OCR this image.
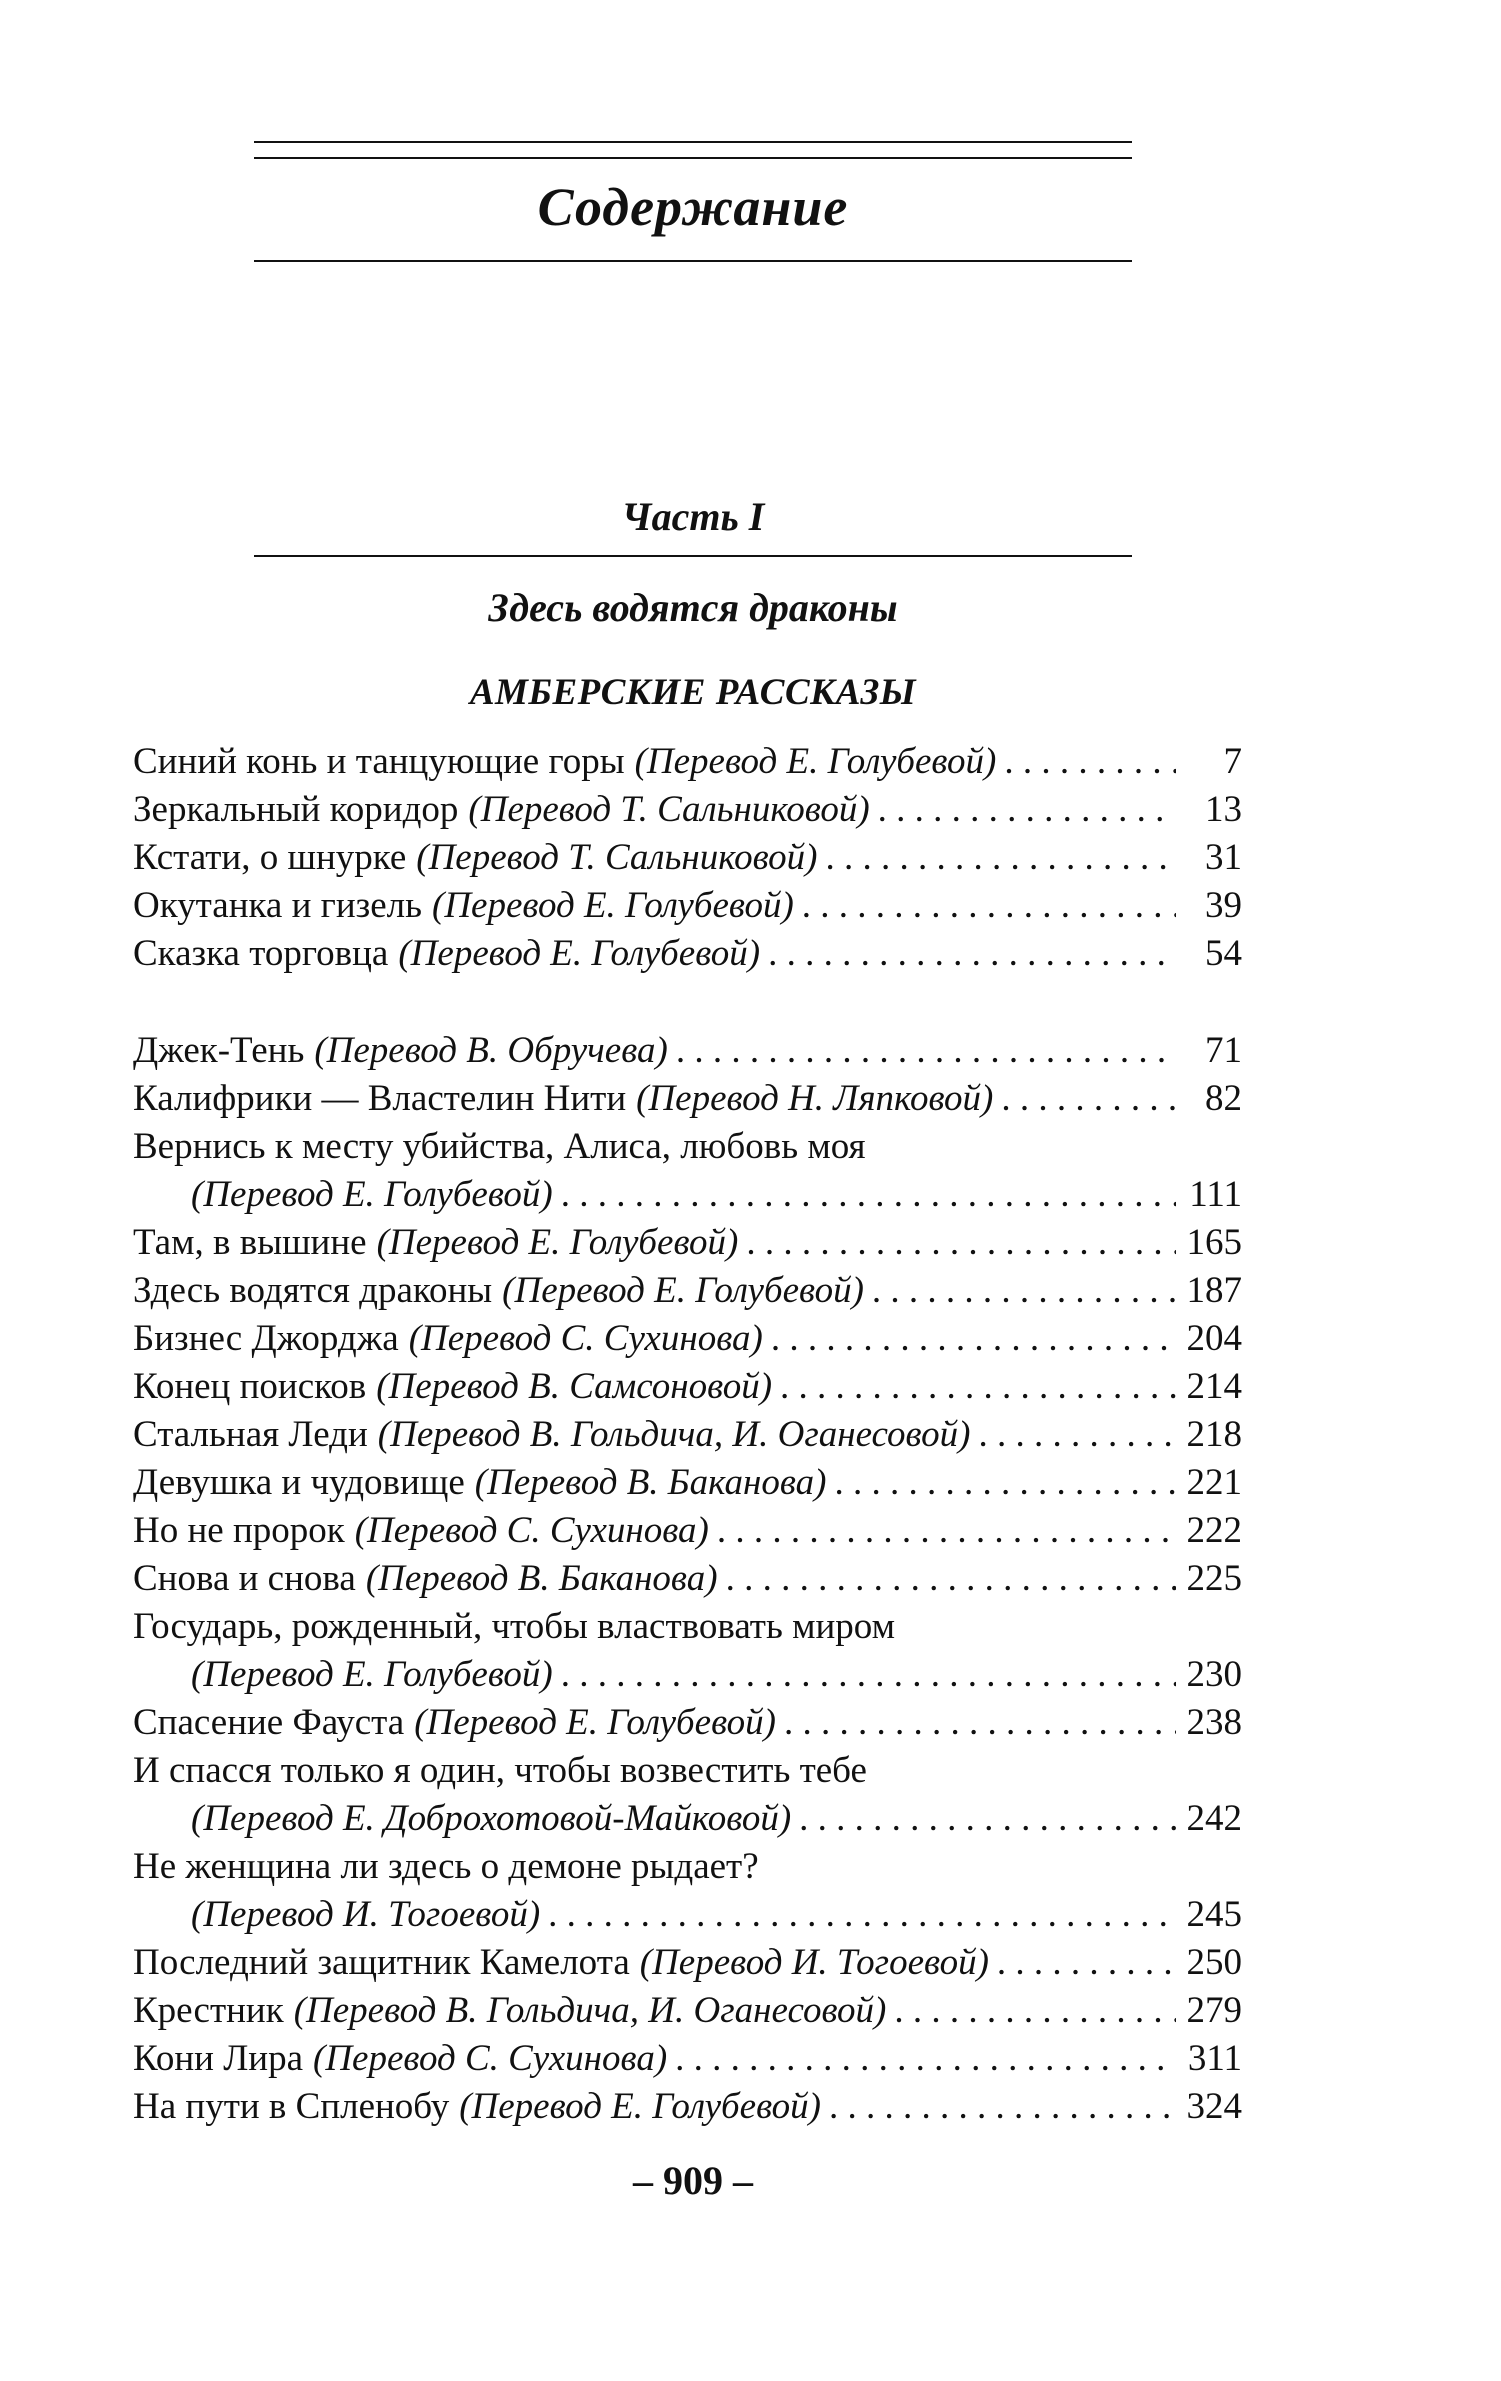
Содержание
Часть I
Здесь водятся драконы
АМБЕРСКИЕ РАССКАЗЫ
Синий конь и танцующие горы (Перевод Е. Голубевой) . . .	7
Зеркальный коридор (Перевод Т. Сальниковой) . . .	13
Кстати, о шнурке (Перевод Т. Сальниковой) . . .	31
Окутанка и гизель (Перевод Е. Голубевой) . . .	39
Сказка торговца (Перевод Е. Голубевой) . . .	54
Джек-Тень (Перевод В. Обручева) . . .	71
Калифрики — Властелин Нити (Перевод Н. Ляпковой) . . .	82
Вернись к месту убийства, Алиса, любовь моя
(Перевод Е. Голубевой) . . .	111
Там, в вышине (Перевод Е. Голубевой) . . .	165
Здесь водятся драконы (Перевод Е. Голубевой) . . .	187
Бизнес Джорджа (Перевод С. Сухинова) . . .	204
Конец поисков (Перевод В. Самсоновой) . . .	214
Стальная Леди (Перевод В. Гольдича, И. Оганесовой) . . .	218
Девушка и чудовище (Перевод В. Баканова) . . .	221
Но не пророк (Перевод С. Сухинова) . . .	222
Снова и снова (Перевод В. Баканова) . . .	225
Государь, рожденный, чтобы властвовать миром
(Перевод Е. Голубевой) . . .	230
Спасение Фауста (Перевод Е. Голубевой) . . .	238
И спасся только я один, чтобы возвестить тебе
(Перевод Е. Доброхотовой-Майковой) . . .	242
Не женщина ли здесь о демоне рыдает?
(Перевод И. Тогоевой) . . .	245
Последний защитник Камелота (Перевод И. Тогоевой) . . .	250
Крестник (Перевод В. Гольдича, И. Оганесовой) . . .	279
Кони Лира (Перевод С. Сухинова) . . .	311
На пути в Спленобу (Перевод Е. Голубевой) . . .	324
– 909 –
